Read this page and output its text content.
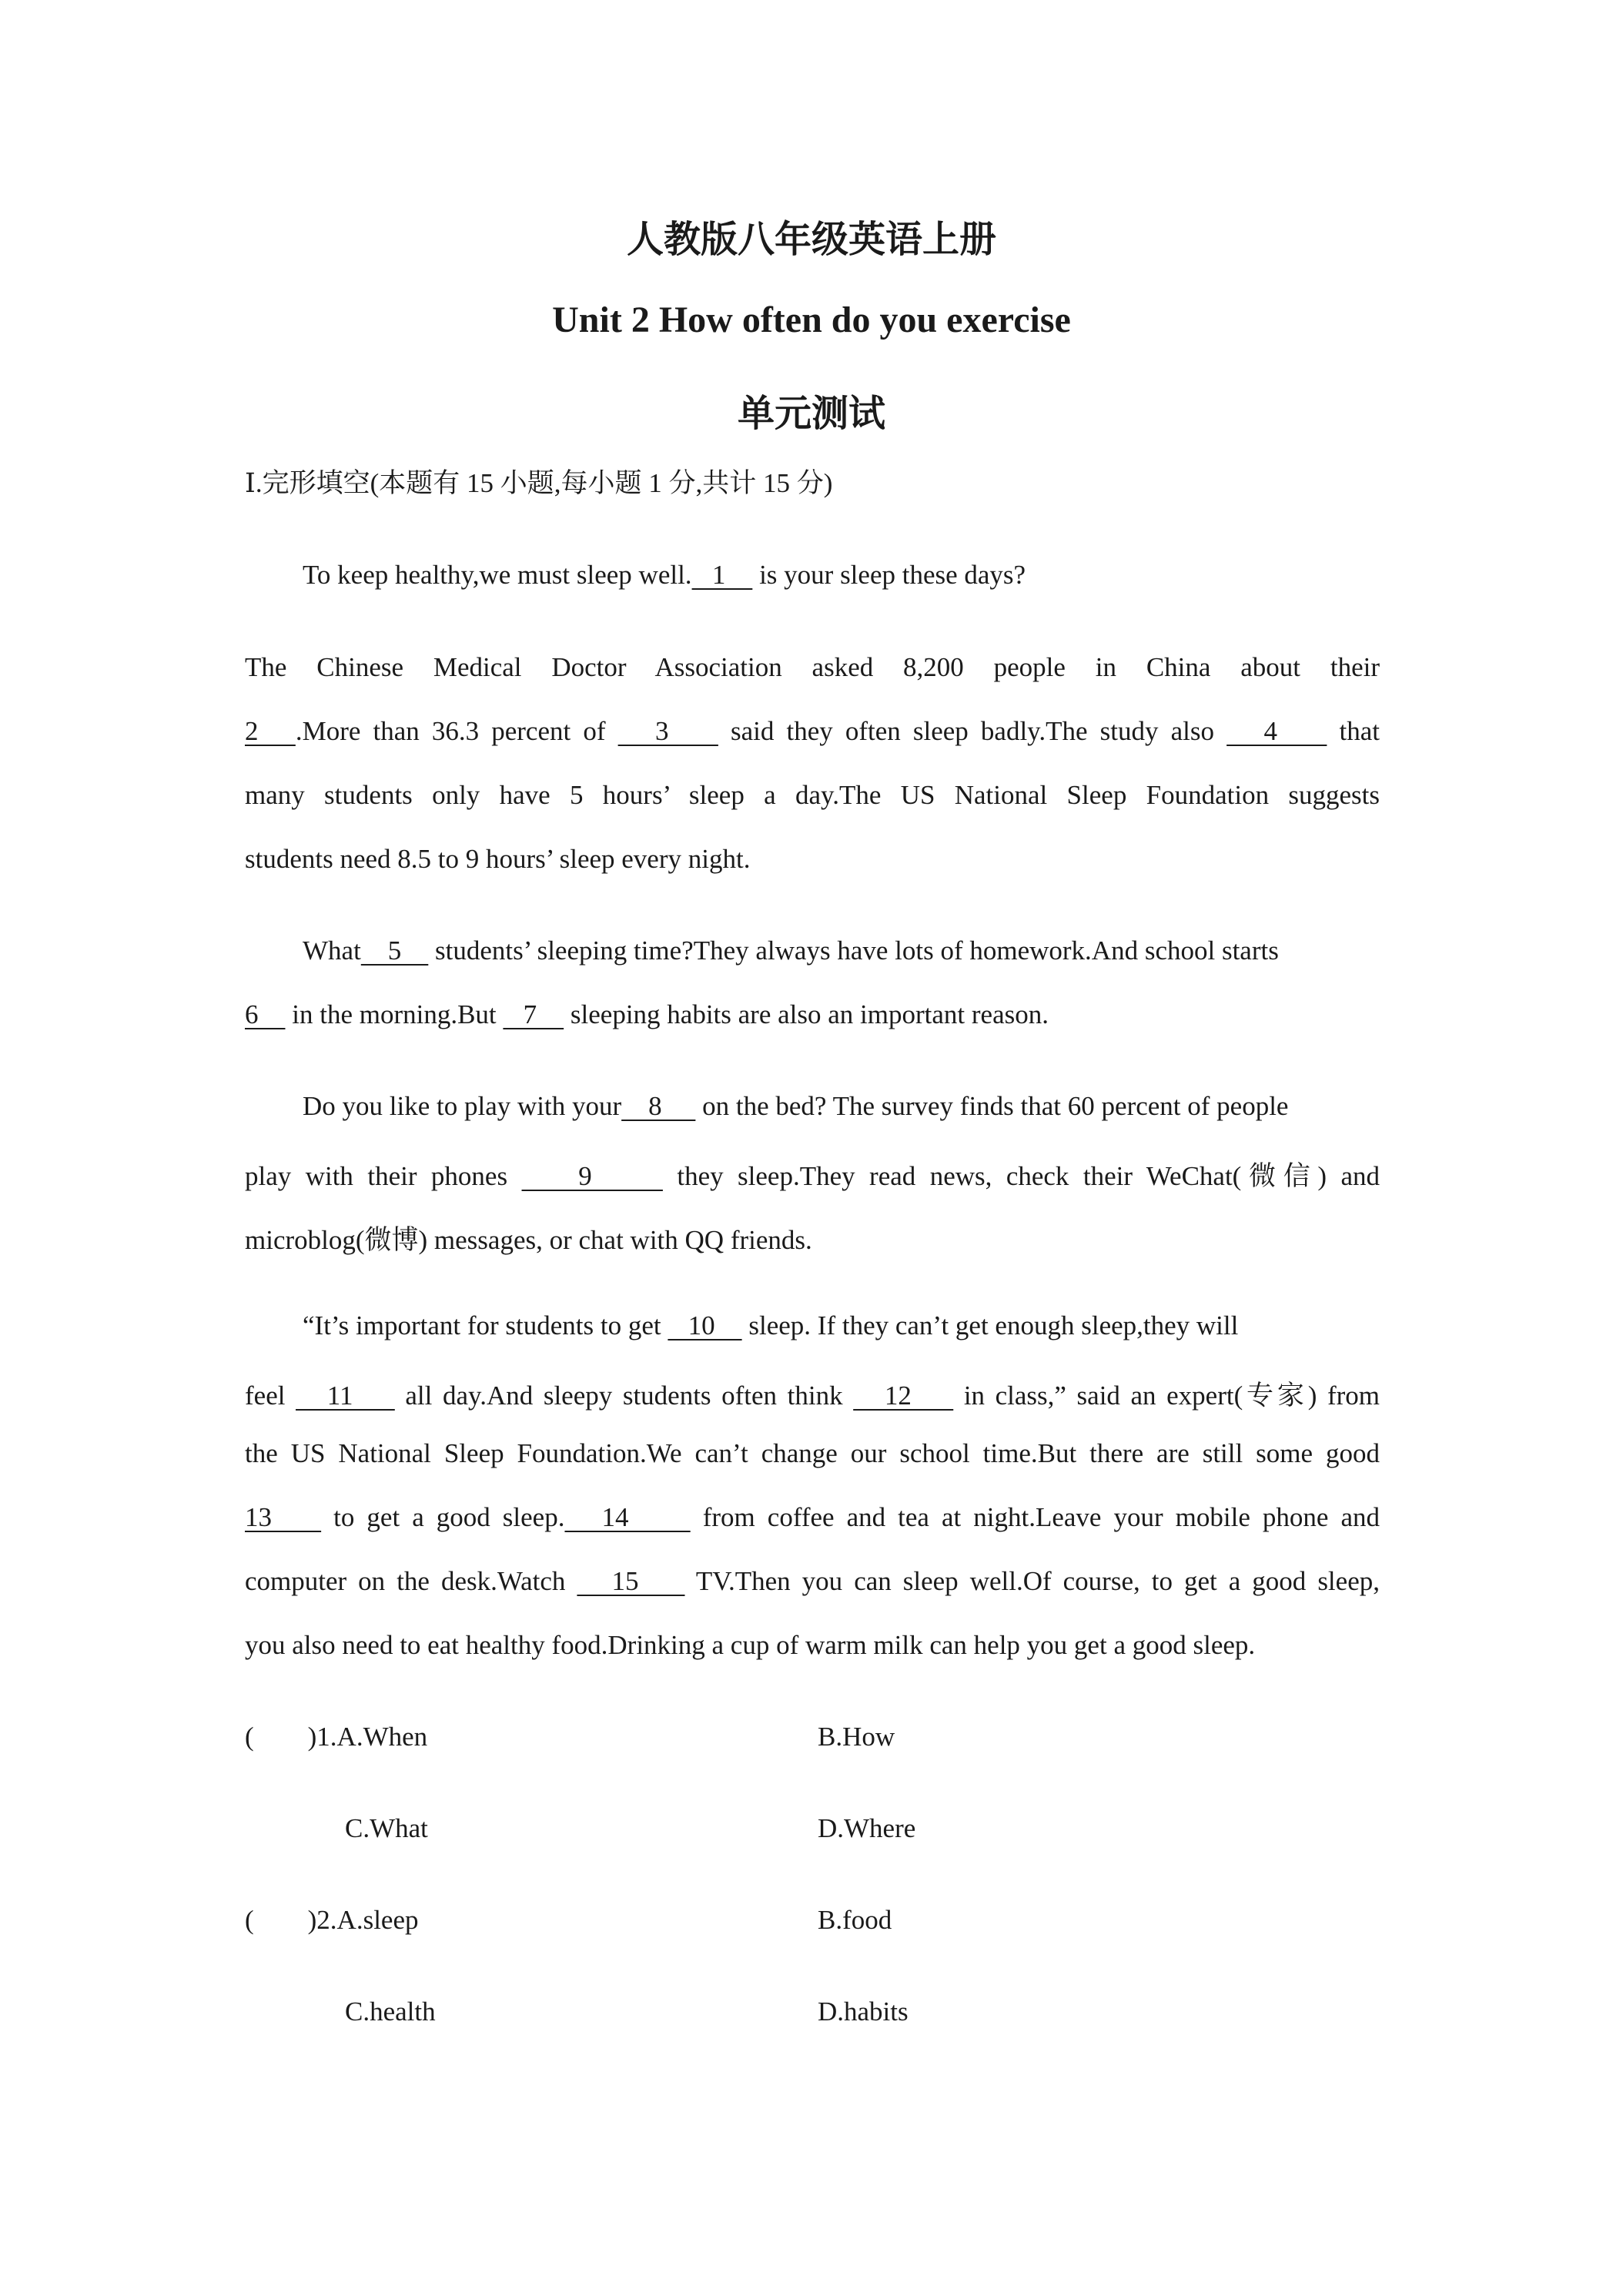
人教版八年级英语上册
Unit 2 How often do you exercise
单元测试
Ⅰ.完形填空(本题有 15 小题,每小题 1 分,共计 15 分)
To keep healthy,we must sleep well.   1     is your sleep these days?
The Chinese Medical Doctor Association asked 8,200 people in China about their
2   .More than 36.3 percent of    3     said they often sleep badly.The study also    4     that
many students only have 5 hours’ sleep a day.The US National Sleep Foundation suggests
students need 8.5 to 9 hours’ sleep every night.
What    5     students’ sleeping time?They always have lots of homework.And school starts
6     in the morning.But    7     sleeping habits are also an important reason.
Do you like to play with your    8      on the bed? The survey finds that 60 percent of people
play with their phones     9      they sleep.They read news, check their WeChat(微信) and
microblog(微博) messages, or chat with QQ friends.
“It’s important for students to get    10     sleep. If they can’t get enough sleep,they will
feel    11     all day.And sleepy students often think    12     in class,” said an expert(专家) from
the US National Sleep Foundation.We can’t change our school time.But there are still some good
13     to get a good sleep.   14      from coffee and tea at night.Leave your mobile phone and
computer on the desk.Watch    15     TV.Then you can sleep well.Of course, to get a good sleep,
you also need to eat healthy food.Drinking a cup of warm milk can help you get a good sleep.
(        )1.A.When	B.How
C.What	D.Where
(        )2.A.sleep	B.food
C.health	D.habits
